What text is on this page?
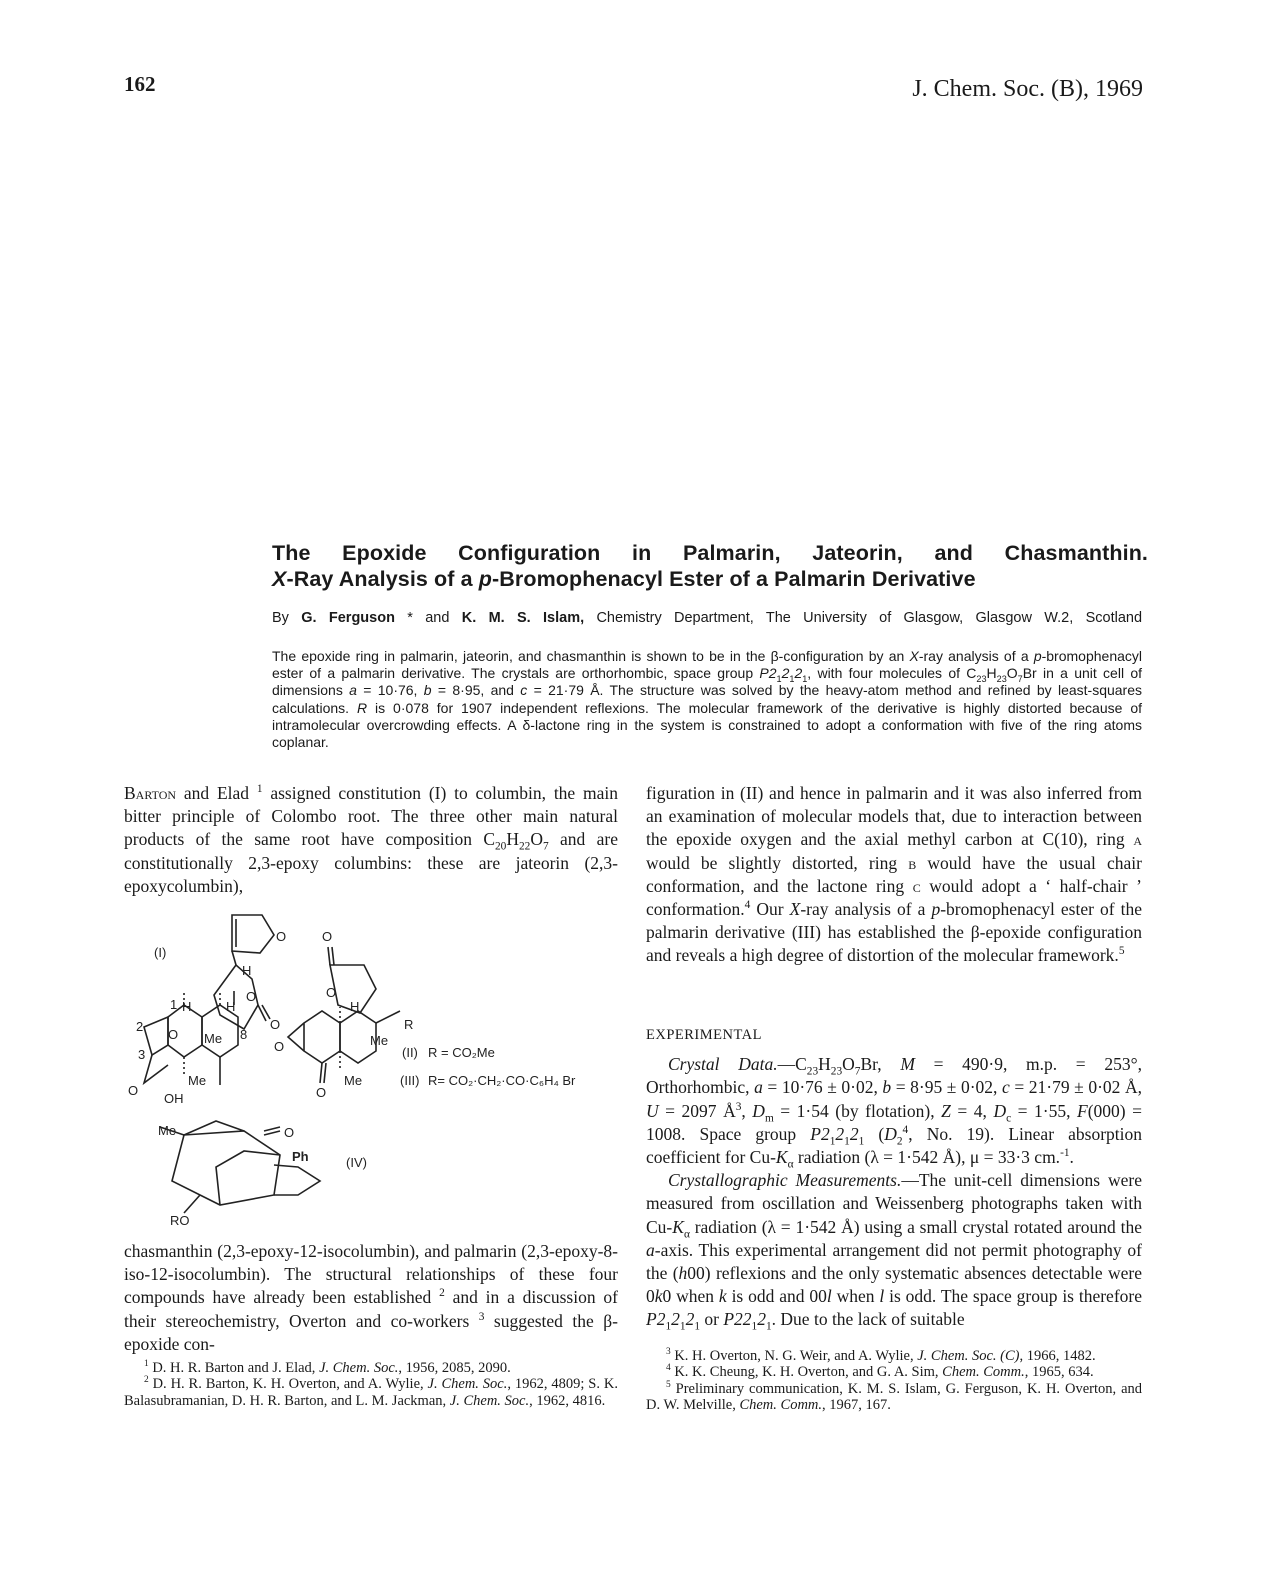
162	J. Chem. Soc. (B), 1969
The Epoxide Configuration in Palmarin, Jateorin, and Chasmanthin.
X-Ray Analysis of a p-Bromophenacyl Ester of a Palmarin Derivative
By G. Ferguson * and K. M. S. Islam, Chemistry Department, The University of Glasgow, Glasgow W.2, Scotland
The epoxide ring in palmarin, jateorin, and chasmanthin is shown to be in the β-configuration by an X-ray analysis of a p-bromophenacyl ester of a palmarin derivative. The crystals are orthorhombic, space group $P2_12_12_1$, with four molecules of $C_{23}H_{23}O_7Br$ in a unit cell of dimensions a = 10·76, b = 8·95, and c = 21·79 Å. The structure was solved by the heavy-atom method and refined by least-squares calculations. R is 0·078 for 1907 independent reflexions. The molecular framework of the derivative is highly distorted because of intramolecular overcrowding effects. A δ-lactone ring in the system is constrained to adopt a conformation with five of the ring atoms coplanar.

Barton and Elad $^1$ assigned constitution (I) to columbin, the main bitter principle of Colombo root. The three other main natural products of the same root have composition $C_{20}H_{22}O_7$ and are constitutionally 2,3-epoxy columbins: these are jateorin (2,3-epoxycolumbin),

(I)
O
H
O
O
1 H	H
2
3
O Me 8
Me
O
OH
O
O
H
Me
R
O
Me
O
(II) R = CO₂Me
(III) R= CO₂·CH₂·CO·C₆H₄ Br
Me	O
Ph	(IV)
RO

chasmanthin (2,3-epoxy-12-isocolumbin), and palmarin (2,3-epoxy-8-iso-12-isocolumbin). The structural relationships of these four compounds have already been established $^2$ and in a discussion of their stereochemistry, Overton and co-workers $^3$ suggested the β-epoxide con-

figuration in (II) and hence in palmarin and it was also inferred from an examination of molecular models that, due to interaction between the epoxide oxygen and the axial methyl carbon at C(10), ring a would be slightly distorted, ring b would have the usual chair conformation, and the lactone ring c would adopt a ‘ half-chair ’ conformation.$^4$ Our X-ray analysis of a p-bromophenacyl ester of the palmarin derivative (III) has established the β-epoxide configuration and reveals a high degree of distortion of the molecular framework.$^5$

EXPERIMENTAL

Crystal $Data.—C_{23}H_{23}O_7Br$, M = 490·9, m.p. = 253°, Orthorhombic, a = 10·76 ± 0·02, b = 8·95 ± 0·02, c = 21·79 ± 0·02 Å, U = 2097 $Å^3$, $D_m = 1\cdot 54$ (by flotation), Z = 4, $D_c = 1\cdot 55$, F(000) = 1008. Space group $P2_12_12_1$ ($D_2^4$, No. 19). Linear absorption coefficient for $Cu-K_\alpha$ radiation (λ = 1·542 Å), μ = 33·3 cm.$^{-1}$.

Crystallographic Measurements.—The unit-cell dimensions were measured from oscillation and Weissenberg photographs taken with $Cu-K_\alpha$ radiation (λ = 1·542 Å) using a small crystal rotated around the a-axis. This experimental arrangement did not permit photography of the (h00) reflexions and the only systematic absences detectable were 0k0 when k is odd and 00l when l is odd. The space group is therefore $P2_12_12_1$ or $P22_12_1$. Due to the lack of suitable

$^1$ D. H. R. Barton and J. Elad, J. Chem. Soc., 1956, 2085, 2090.

$^2$ D. H. R. Barton, K. H. Overton, and A. Wylie, J. Chem. Soc., 1962, 4809; S. K. Balasubramanian, D. H. R. Barton, and L. M. Jackman, J. Chem. Soc., 1962, 4816.

$^3$ K. H. Overton, N. G. Weir, and A. Wylie, J. Chem. Soc. (C), 1966, 1482.

$^4$ K. K. Cheung, K. H. Overton, and G. A. Sim, Chem. Comm., 1965, 634.

$^5$ Preliminary communication, K. M. S. Islam, G. Ferguson, K. H. Overton, and D. W. Melville, Chem. Comm., 1967, 167.
